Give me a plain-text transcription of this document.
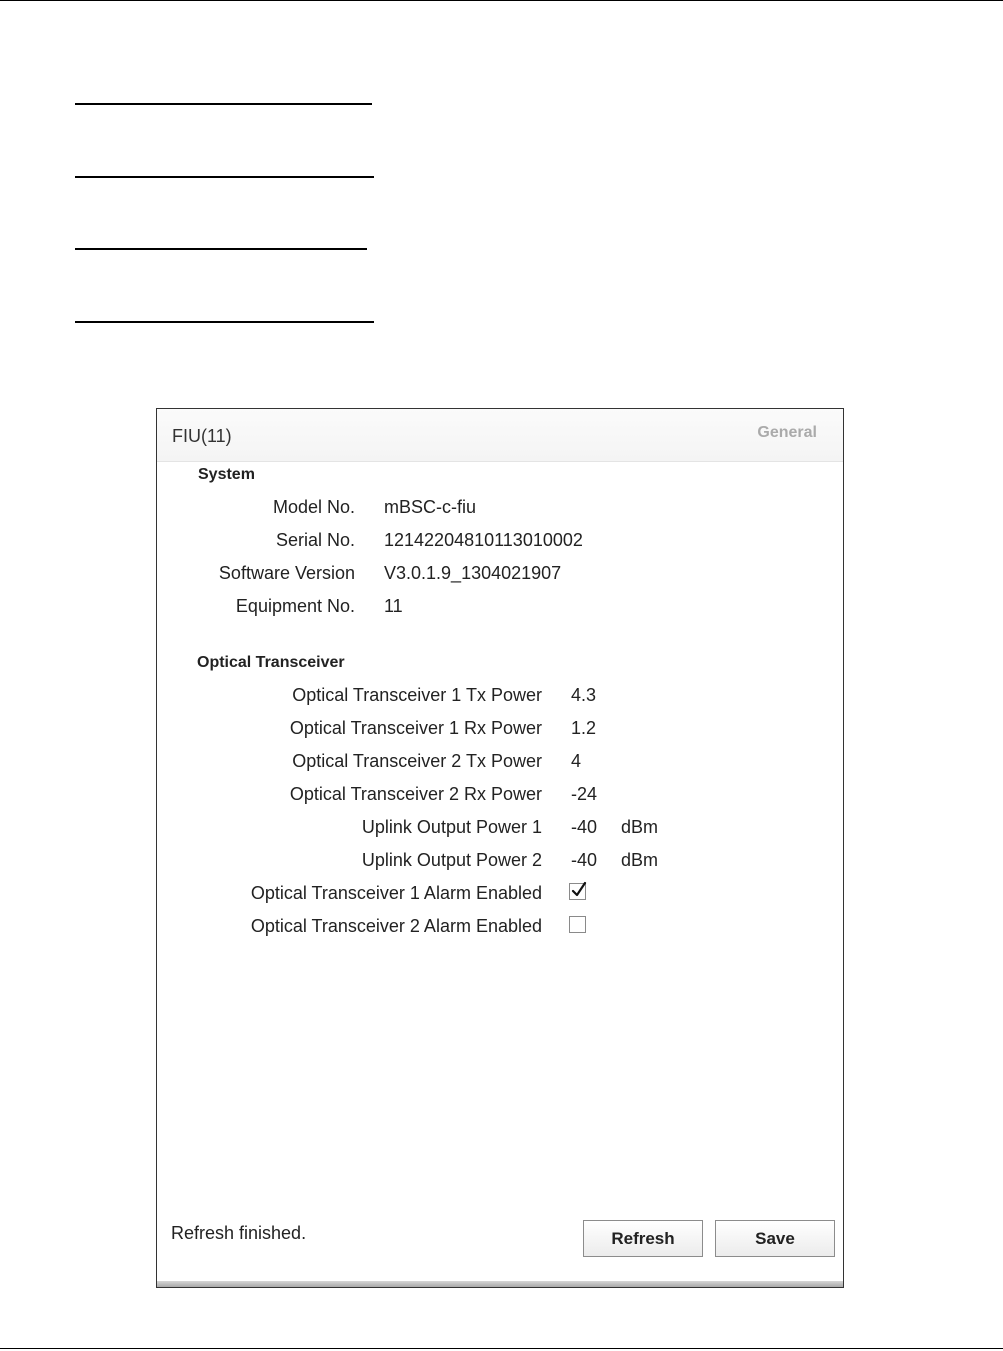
FIU(11)	General
System
Model No. mBSC-c-fiu
Serial No. 12142204810113010002
Software Version V3.0.1.9_1304021907
Equipment No. 11
Optical Transceiver
Optical Transceiver 1 Tx Power 4.3
Optical Transceiver 1 Rx Power 1.2
Optical Transceiver 2 Tx Power 4
Optical Transceiver 2 Rx Power -24
Uplink Output Power 1 -40 dBm
Uplink Output Power 2 -40 dBm
Optical Transceiver 1 Alarm Enabled
Optical Transceiver 2 Alarm Enabled
Refresh finished.	Refresh	Save
